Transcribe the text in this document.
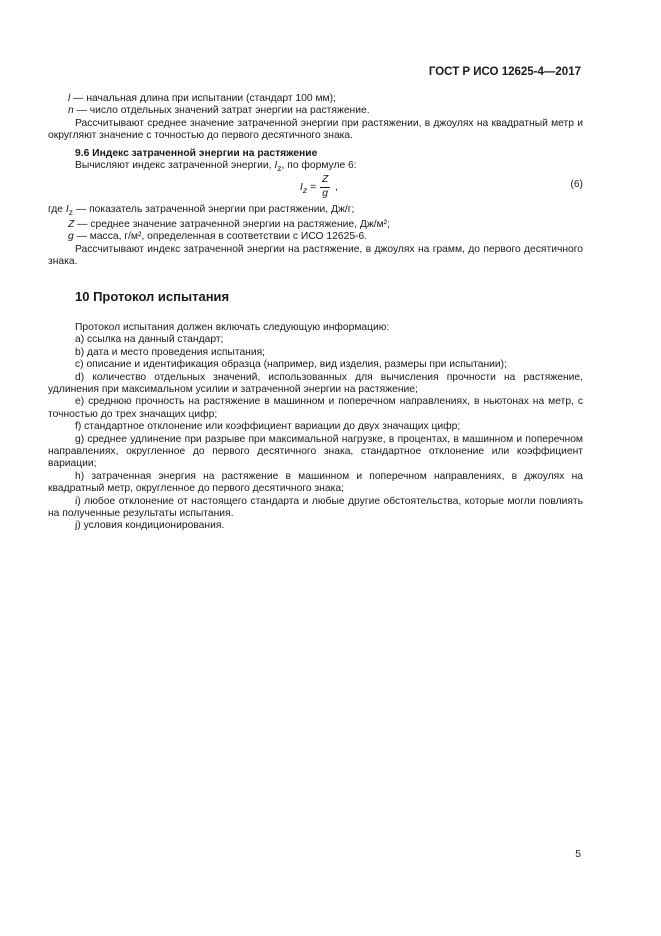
ГОСТ Р ИСО 12625-4—2017

l — начальная длина при испытании (стандарт 100 мм);

n — число отдельных значений затрат энергии на растяжение.

Рассчитывают среднее значение затраченной энергии при растяжении, в джоулях на квадратный метр и округляют значение с точностью до первого десятичного знака.

9.6 Индекс затраченной энергии на растяжение

Вычисляют индекс затраченной энергии, $I_z$, по формуле 6:

$I_z = \frac{Z}{g}$ ,	(6)

где $I_z$ — показатель затраченной энергии при растяжении, Дж/г;

Z — среднее значение затраченной энергии на растяжение, Дж/м²;

g — масса, г/м², определенная в соответствии с ИСО 12625-6.

Рассчитывают индекс затраченной энергии на растяжение, в джоулях на грамм, до первого десятичного знака.

10 Протокол испытания

Протокол испытания должен включать следующую информацию:

a) ссылка на данный стандарт;

b) дата и место проведения испытания;

c) описание и идентификация образца (например, вид изделия, размеры при испытании);

d) количество отдельных значений, использованных для вычисления прочности на растяжение, удлинения при максимальном усилии и затраченной энергии на растяжение;

e) среднюю прочность на растяжение в машинном и поперечном направлениях, в ньютонах на метр, с точностью до трех значащих цифр;

f) стандартное отклонение или коэффициент вариации до двух значащих цифр;

g) среднее удлинение при разрыве при максимальной нагрузке, в процентах, в машинном и поперечном направлениях, округленное до первого десятичного знака, стандартное отклонение или коэффициент вариации;

h) затраченная энергия на растяжение в машинном и поперечном направлениях, в джоулях на квадратный метр, округленное до первого десятичного знака;

i) любое отклонение от настоящего стандарта и любые другие обстоятельства, которые могли повлиять на полученные результаты испытания.

j) условия кондиционирования.

5
